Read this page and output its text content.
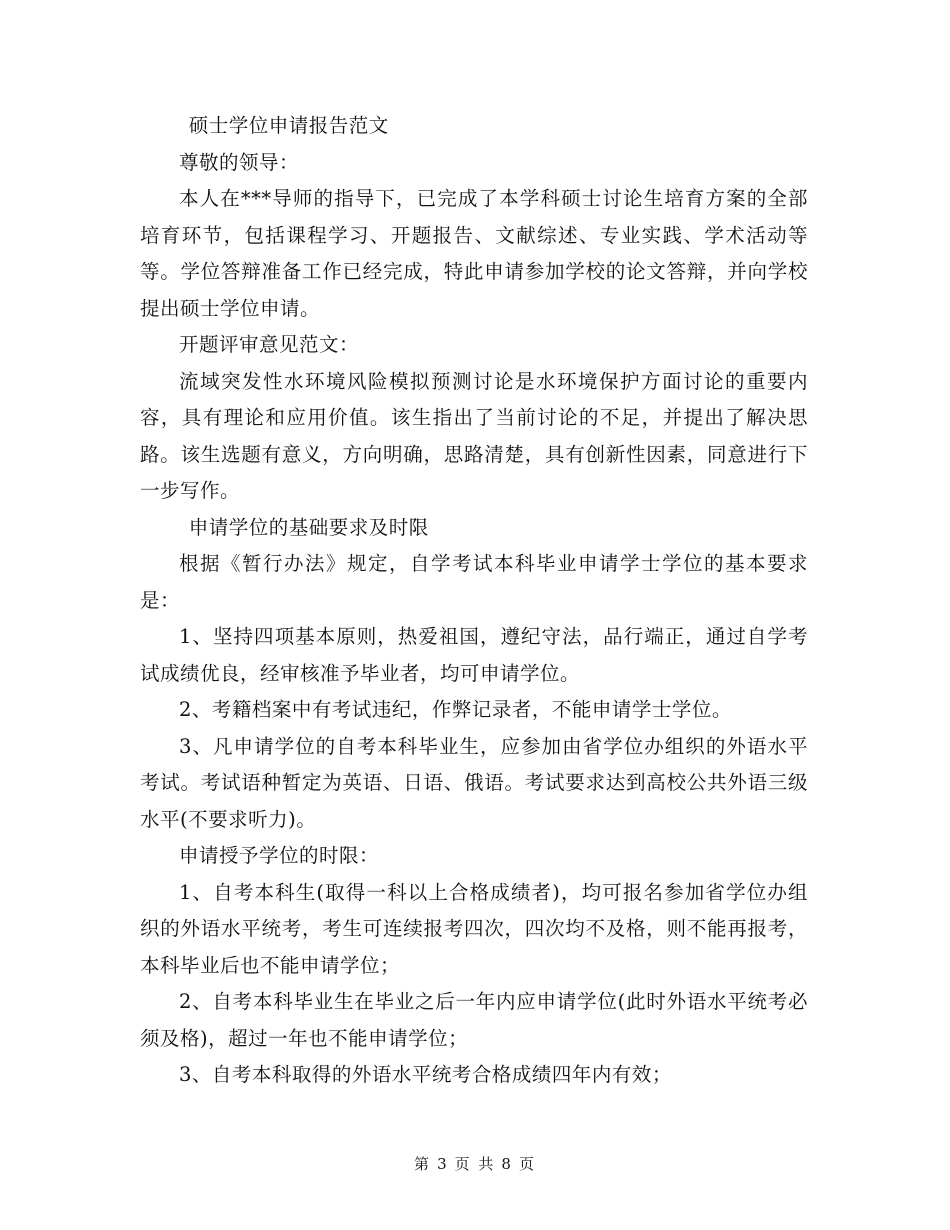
硕士学位申请报告范文

尊敬的领导：

本人在***导师的指导下，已完成了本学科硕士讨论生培育方案的全部培育环节，包括课程学习、开题报告、文献综述、专业实践、学术活动等等。学位答辩准备工作已经完成，特此申请参加学校的论文答辩，并向学校提出硕士学位申请。

开题评审意见范文：

流域突发性水环境风险模拟预测讨论是水环境保护方面讨论的重要内容，具有理论和应用价值。该生指出了当前讨论的不足，并提出了解决思路。该生选题有意义，方向明确，思路清楚，具有创新性因素，同意进行下一步写作。

申请学位的基础要求及时限

根据《暂行办法》规定，自学考试本科毕业申请学士学位的基本要求是：

1、坚持四项基本原则，热爱祖国，遵纪守法，品行端正，通过自学考试成绩优良，经审核准予毕业者，均可申请学位。

2、考籍档案中有考试违纪，作弊记录者，不能申请学士学位。

3、凡申请学位的自考本科毕业生，应参加由省学位办组织的外语水平考试。考试语种暂定为英语、日语、俄语。考试要求达到高校公共外语三级水平(不要求听力)。

申请授予学位的时限：

1、自考本科生(取得一科以上合格成绩者)，均可报名参加省学位办组织的外语水平统考，考生可连续报考四次，四次均不及格，则不能再报考，本科毕业后也不能申请学位；

2、自考本科毕业生在毕业之后一年内应申请学位(此时外语水平统考必须及格)，超过一年也不能申请学位；

3、自考本科取得的外语水平统考合格成绩四年内有效；

第 3 页 共 8 页
